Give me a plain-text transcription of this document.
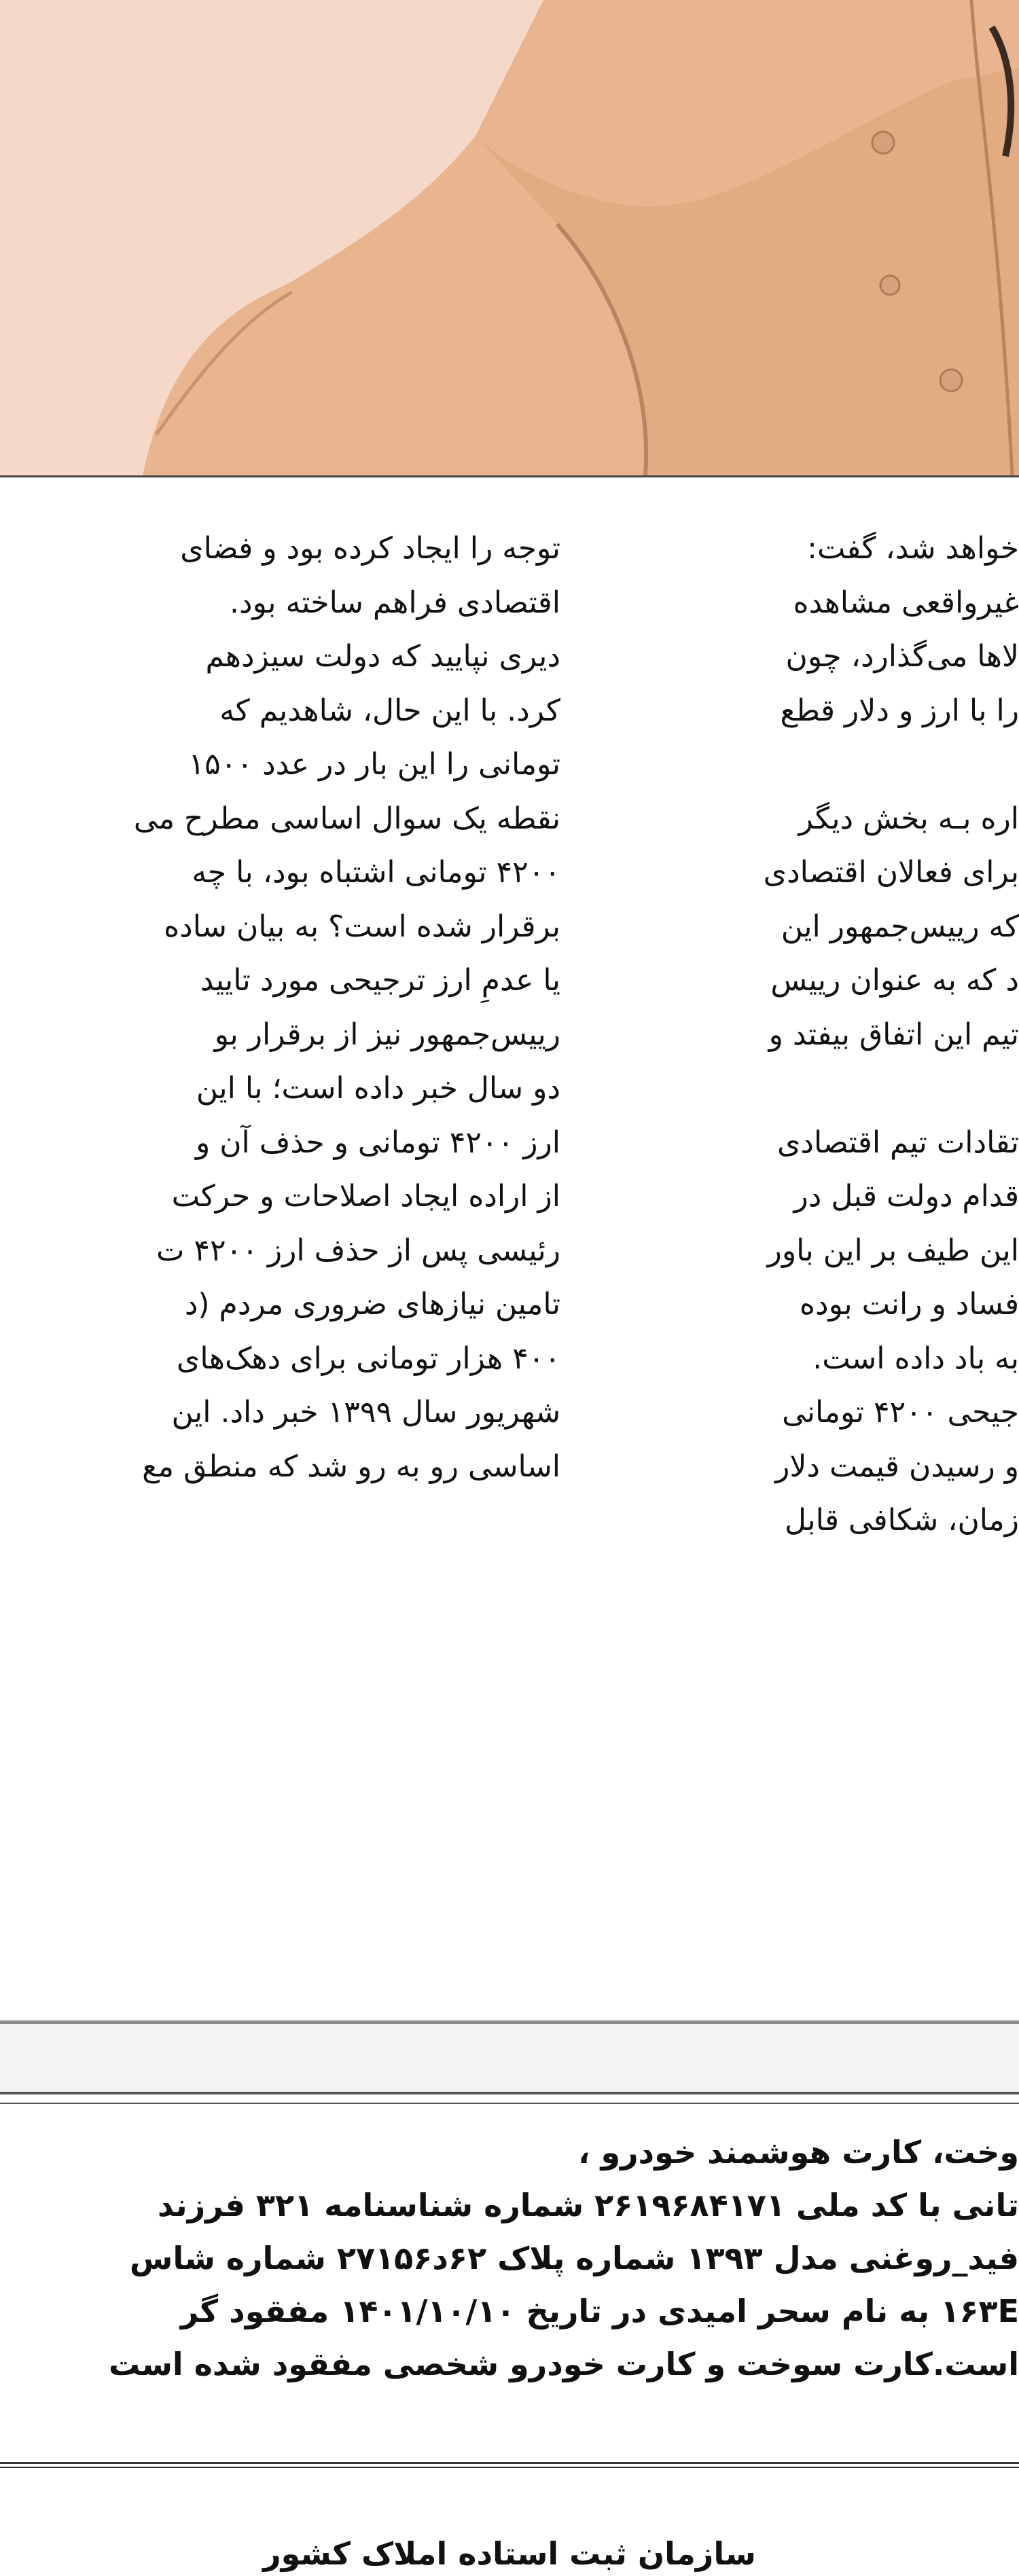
توجه را ایجاد کرده بود و فضای
اقتصادی فراهم ساخته بود.
دیری نپایید که دولت سیزدهم
کرد. با این حال، شاهدیم که
تومانی را این بار در عدد ۱۵۰۰
نقطه یک سوال اساسی مطرح می
۴۲۰۰ تومانی اشتباه بود، با چه
برقرار شده است؟ به بیان ساده
یا عدمِ ارز ترجیحی مورد تایید
رییس‌جمهور نیز از برقرار بو
دو سال خبر داده است؛ با این
ارز ۴۲۰۰ تومانی و حذف آن و
از اراده ایجاد اصلاحات و حرکت
رئیسی پس از حذف ارز ۴۲۰۰ ت
تامین نیازهای ضروری مردم (د
۴۰۰ هزار تومانی برای دهک‌های
شهریور سال ۱۳۹۹ خبر داد. این
اساسی رو به رو شد که منطق مع
خواهد شد، گفت:
غیرواقعی مشاهده
لاها می‌گذارد، چون
را با ارز و دلار قطع
اره بـه بخش دیگر
برای فعالان اقتصادی
که رییس‌جمهور این
د که به عنوان رییس
تیم این اتفاق بیفتد و
تقادات تیم اقتصادی
قدام دولت قبل در
این طیف بر این باور
فساد و رانت بوده
به باد داده است.
جیحی ۴۲۰۰ تومانی
و رسیدن قیمت دلار
زمان، شکافی قابل
وخت، کارت هوشمند خودرو ،
تانی با کد ملی ۲۶۱۹۶۸۴۱۷۱ شماره شناسنامه ۳۲۱ فرزند
فید_روغنی مدل ۱۳۹۳ شماره پلاک ۶۲د۲۷۱۵۶ شماره شاس
۱۶۳E به نام سحر امیدی در تاریخ ۱۴۰۱/۱۰/۱۰ مفقود گر
است.کارت سوخت و کارت خودرو شخصی مفقود شده است
سازمان ثبت استاده املاک کشور
